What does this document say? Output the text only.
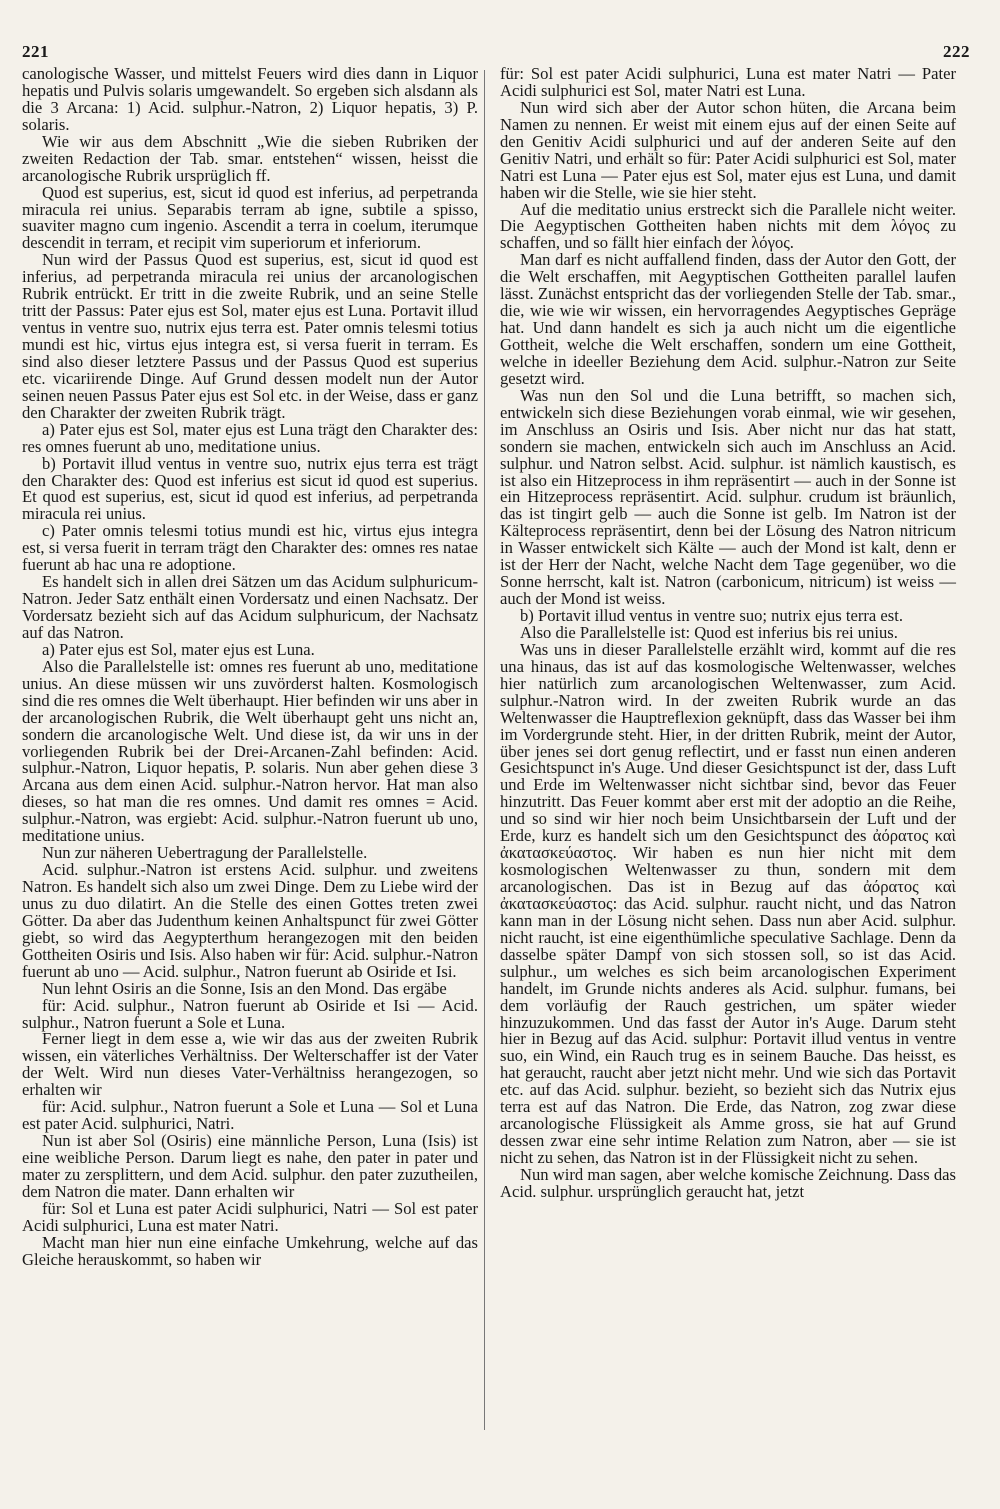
221	222

canologische Wasser, und mittelst Feuers wird dies dann in Liquor hepatis und Pulvis solaris umgewandelt. So ergeben sich alsdann als die 3 Arcana: 1) Acid. sulphur.-Natron, 2) Liquor hepatis, 3) P. solaris.

Wie wir aus dem Abschnitt „Wie die sieben Rubriken der zweiten Redaction der Tab. smar. entstehen“ wissen, heisst die arcanologische Rubrik ursprüglich ff.

Quod est superius, est, sicut id quod est inferius, ad perpetranda miracula rei unius. Separabis terram ab igne, subtile a spisso, suaviter magno cum ingenio. Ascendit a terra in coelum, iterumque descendit in terram, et recipit vim superiorum et inferiorum.

Nun wird der Passus Quod est superius, est, sicut id quod est inferius, ad perpetranda miracula rei unius der arcanologischen Rubrik entrückt. Er tritt in die zweite Rubrik, und an seine Stelle tritt der Passus: Pater ejus est Sol, mater ejus est Luna. Portavit illud ventus in ventre suo, nutrix ejus terra est. Pater omnis telesmi totius mundi est hic, virtus ejus integra est, si versa fuerit in terram. Es sind also dieser letztere Passus und der Passus Quod est superius etc. vicariirende Dinge. Auf Grund dessen modelt nun der Autor seinen neuen Passus Pater ejus est Sol etc. in der Weise, dass er ganz den Charakter der zweiten Rubrik trägt.

a) Pater ejus est Sol, mater ejus est Luna trägt den Charakter des: res omnes fuerunt ab uno, meditatione unius.

b) Portavit illud ventus in ventre suo, nutrix ejus terra est trägt den Charakter des: Quod est inferius est sicut id quod est superius. Et quod est superius, est, sicut id quod est inferius, ad perpetranda miracula rei unius.

c) Pater omnis telesmi totius mundi est hic, virtus ejus integra est, si versa fuerit in terram trägt den Charakter des: omnes res natae fuerunt ab hac una re adoptione.

Es handelt sich in allen drei Sätzen um das Acidum sulphuricum-Natron. Jeder Satz enthält einen Vordersatz und einen Nachsatz. Der Vordersatz bezieht sich auf das Acidum sulphuricum, der Nachsatz auf das Natron.

a) Pater ejus est Sol, mater ejus est Luna.

Also die Parallelstelle ist: omnes res fuerunt ab uno, meditatione unius. An diese müssen wir uns zuvörderst halten. Kosmologisch sind die res omnes die Welt überhaupt. Hier befinden wir uns aber in der arcanologischen Rubrik, die Welt überhaupt geht uns nicht an, sondern die arcanologische Welt. Und diese ist, da wir uns in der vorliegenden Rubrik bei der Drei-Arcanen-Zahl befinden: Acid. sulphur.-Natron, Liquor hepatis, P. solaris. Nun aber gehen diese 3 Arcana aus dem einen Acid. sulphur.-Natron hervor. Hat man also dieses, so hat man die res omnes. Und damit res omnes = Acid. sulphur.-Natron, was ergiebt: Acid. sulphur.-Natron fuerunt ub uno, meditatione unius.

Nun zur näheren Uebertragung der Parallelstelle.

Acid. sulphur.-Natron ist erstens Acid. sulphur. und zweitens Natron. Es handelt sich also um zwei Dinge. Dem zu Liebe wird der unus zu duo dilatirt. An die Stelle des einen Gottes treten zwei Götter. Da aber das Judenthum keinen Anhaltspunct für zwei Götter giebt, so wird das Aegypterthum herangezogen mit den beiden Gottheiten Osiris und Isis. Also haben wir für: Acid. sulphur.-Natron fuerunt ab uno — Acid. sulphur., Natron fuerunt ab Osiride et Isi.

Nun lehnt Osiris an die Sonne, Isis an den Mond. Das ergäbe

für: Acid. sulphur., Natron fuerunt ab Osiride et Isi — Acid. sulphur., Natron fuerunt a Sole et Luna.

Ferner liegt in dem esse a, wie wir das aus der zweiten Rubrik wissen, ein väterliches Verhältniss. Der Welterschaffer ist der Vater der Welt. Wird nun dieses Vater-Verhältniss herangezogen, so erhalten wir

für: Acid. sulphur., Natron fuerunt a Sole et Luna — Sol et Luna est pater Acid. sulphurici, Natri.

Nun ist aber Sol (Osiris) eine männliche Person, Luna (Isis) ist eine weibliche Person. Darum liegt es nahe, den pater in pater und mater zu zersplittern, und dem Acid. sulphur. den pater zuzutheilen, dem Natron die mater. Dann erhalten wir

für: Sol et Luna est pater Acidi sulphurici, Natri — Sol est pater Acidi sulphurici, Luna est mater Natri.

Macht man hier nun eine einfache Umkehrung, welche auf das Gleiche herauskommt, so haben wir

für: Sol est pater Acidi sulphurici, Luna est mater Natri — Pater Acidi sulphurici est Sol, mater Natri est Luna.

Nun wird sich aber der Autor schon hüten, die Arcana beim Namen zu nennen. Er weist mit einem ejus auf der einen Seite auf den Genitiv Acidi sulphurici und auf der anderen Seite auf den Genitiv Natri, und erhält so für: Pater Acidi sulphurici est Sol, mater Natri est Luna — Pater ejus est Sol, mater ejus est Luna, und damit haben wir die Stelle, wie sie hier steht.

Auf die meditatio unius erstreckt sich die Parallele nicht weiter. Die Aegyptischen Gottheiten haben nichts mit dem λόγος zu schaffen, und so fällt hier einfach der λόγος.

Man darf es nicht auffallend finden, dass der Autor den Gott, der die Welt erschaffen, mit Aegyptischen Gottheiten parallel laufen lässt. Zunächst entspricht das der vorliegenden Stelle der Tab. smar., die, wie wie wir wissen, ein hervorragendes Aegyptisches Gepräge hat. Und dann handelt es sich ja auch nicht um die eigentliche Gottheit, welche die Welt erschaffen, sondern um eine Gottheit, welche in ideeller Beziehung dem Acid. sulphur.-Natron zur Seite gesetzt wird.

Was nun den Sol und die Luna betrifft, so machen sich, entwickeln sich diese Beziehungen vorab einmal, wie wir gesehen, im Anschluss an Osiris und Isis. Aber nicht nur das hat statt, sondern sie machen, entwickeln sich auch im Anschluss an Acid. sulphur. und Natron selbst. Acid. sulphur. ist nämlich kaustisch, es ist also ein Hitzeprocess in ihm repräsentirt — auch in der Sonne ist ein Hitzeprocess repräsentirt. Acid. sulphur. crudum ist bräunlich, das ist tingirt gelb — auch die Sonne ist gelb. Im Natron ist der Kälteprocess repräsentirt, denn bei der Lösung des Natron nitricum in Wasser entwickelt sich Kälte — auch der Mond ist kalt, denn er ist der Herr der Nacht, welche Nacht dem Tage gegenüber, wo die Sonne herrscht, kalt ist. Natron (carbonicum, nitricum) ist weiss — auch der Mond ist weiss.

b) Portavit illud ventus in ventre suo; nutrix ejus terra est.

Also die Parallelstelle ist: Quod est inferius bis rei unius.

Was uns in dieser Parallelstelle erzählt wird, kommt auf die res una hinaus, das ist auf das kosmologische Weltenwasser, welches hier natürlich zum arcanologischen Weltenwasser, zum Acid. sulphur.-Natron wird. In der zweiten Rubrik wurde an das Weltenwasser die Hauptreflexion geknüpft, dass das Wasser bei ihm im Vordergrunde steht. Hier, in der dritten Rubrik, meint der Autor, über jenes sei dort genug reflectirt, und er fasst nun einen anderen Gesichtspunct in's Auge. Und dieser Gesichtspunct ist der, dass Luft und Erde im Weltenwasser nicht sichtbar sind, bevor das Feuer hinzutritt. Das Feuer kommt aber erst mit der adoptio an die Reihe, und so sind wir hier noch beim Unsichtbarsein der Luft und der Erde, kurz es handelt sich um den Gesichtspunct des ἀόρατος καὶ ἀκατασκεύαστος. Wir haben es nun hier nicht mit dem kosmologischen Weltenwasser zu thun, sondern mit dem arcanologischen. Das ist in Bezug auf das ἀόρατος καὶ ἀκατασκεύαστος: das Acid. sulphur. raucht nicht, und das Natron kann man in der Lösung nicht sehen. Dass nun aber Acid. sulphur. nicht raucht, ist eine eigenthümliche speculative Sachlage. Denn da dasselbe später Dampf von sich stossen soll, so ist das Acid. sulphur., um welches es sich beim arcanologischen Experiment handelt, im Grunde nichts anderes als Acid. sulphur. fumans, bei dem vorläufig der Rauch gestrichen, um später wieder hinzuzukommen. Und das fasst der Autor in's Auge. Darum steht hier in Bezug auf das Acid. sulphur: Portavit illud ventus in ventre suo, ein Wind, ein Rauch trug es in seinem Bauche. Das heisst, es hat geraucht, raucht aber jetzt nicht mehr. Und wie sich das Portavit etc. auf das Acid. sulphur. bezieht, so bezieht sich das Nutrix ejus terra est auf das Natron. Die Erde, das Natron, zog zwar diese arcanologische Flüssigkeit als Amme gross, sie hat auf Grund dessen zwar eine sehr intime Relation zum Natron, aber — sie ist nicht zu sehen, das Natron ist in der Flüssigkeit nicht zu sehen.

Nun wird man sagen, aber welche komische Zeichnung. Dass das Acid. sulphur. ursprünglich geraucht hat, jetzt
